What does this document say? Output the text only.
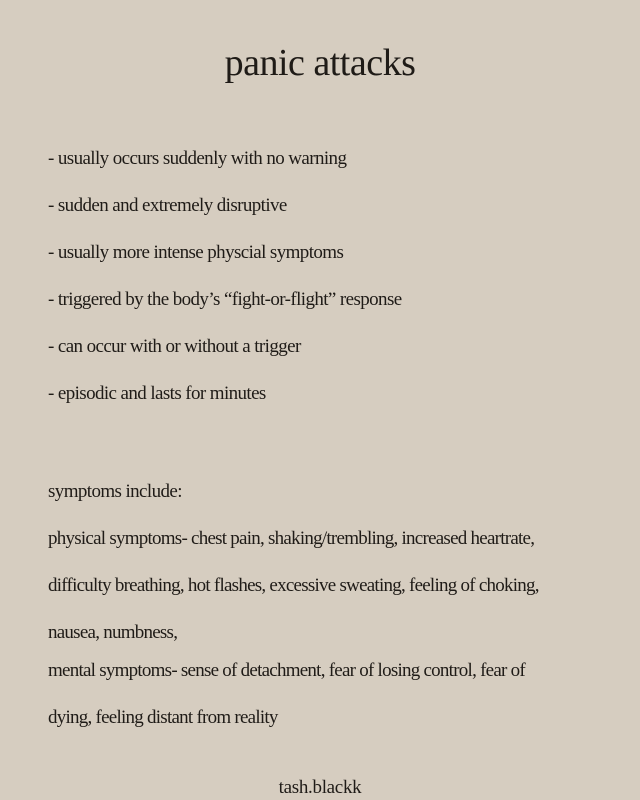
panic attacks
- usually occurs suddenly with no warning
- sudden and extremely disruptive
- usually more intense physcial symptoms
- triggered by the body’s “fight-or-flight” response
- can occur with or without a trigger
- episodic and lasts for minutes
symptoms include:
physical symptoms- chest pain, shaking/trembling, increased heartrate,
difficulty breathing, hot flashes, excessive sweating, feeling of choking,
nausea, numbness,
mental symptoms- sense of detachment, fear of losing control, fear of
dying, feeling distant from reality
tash.blackk
